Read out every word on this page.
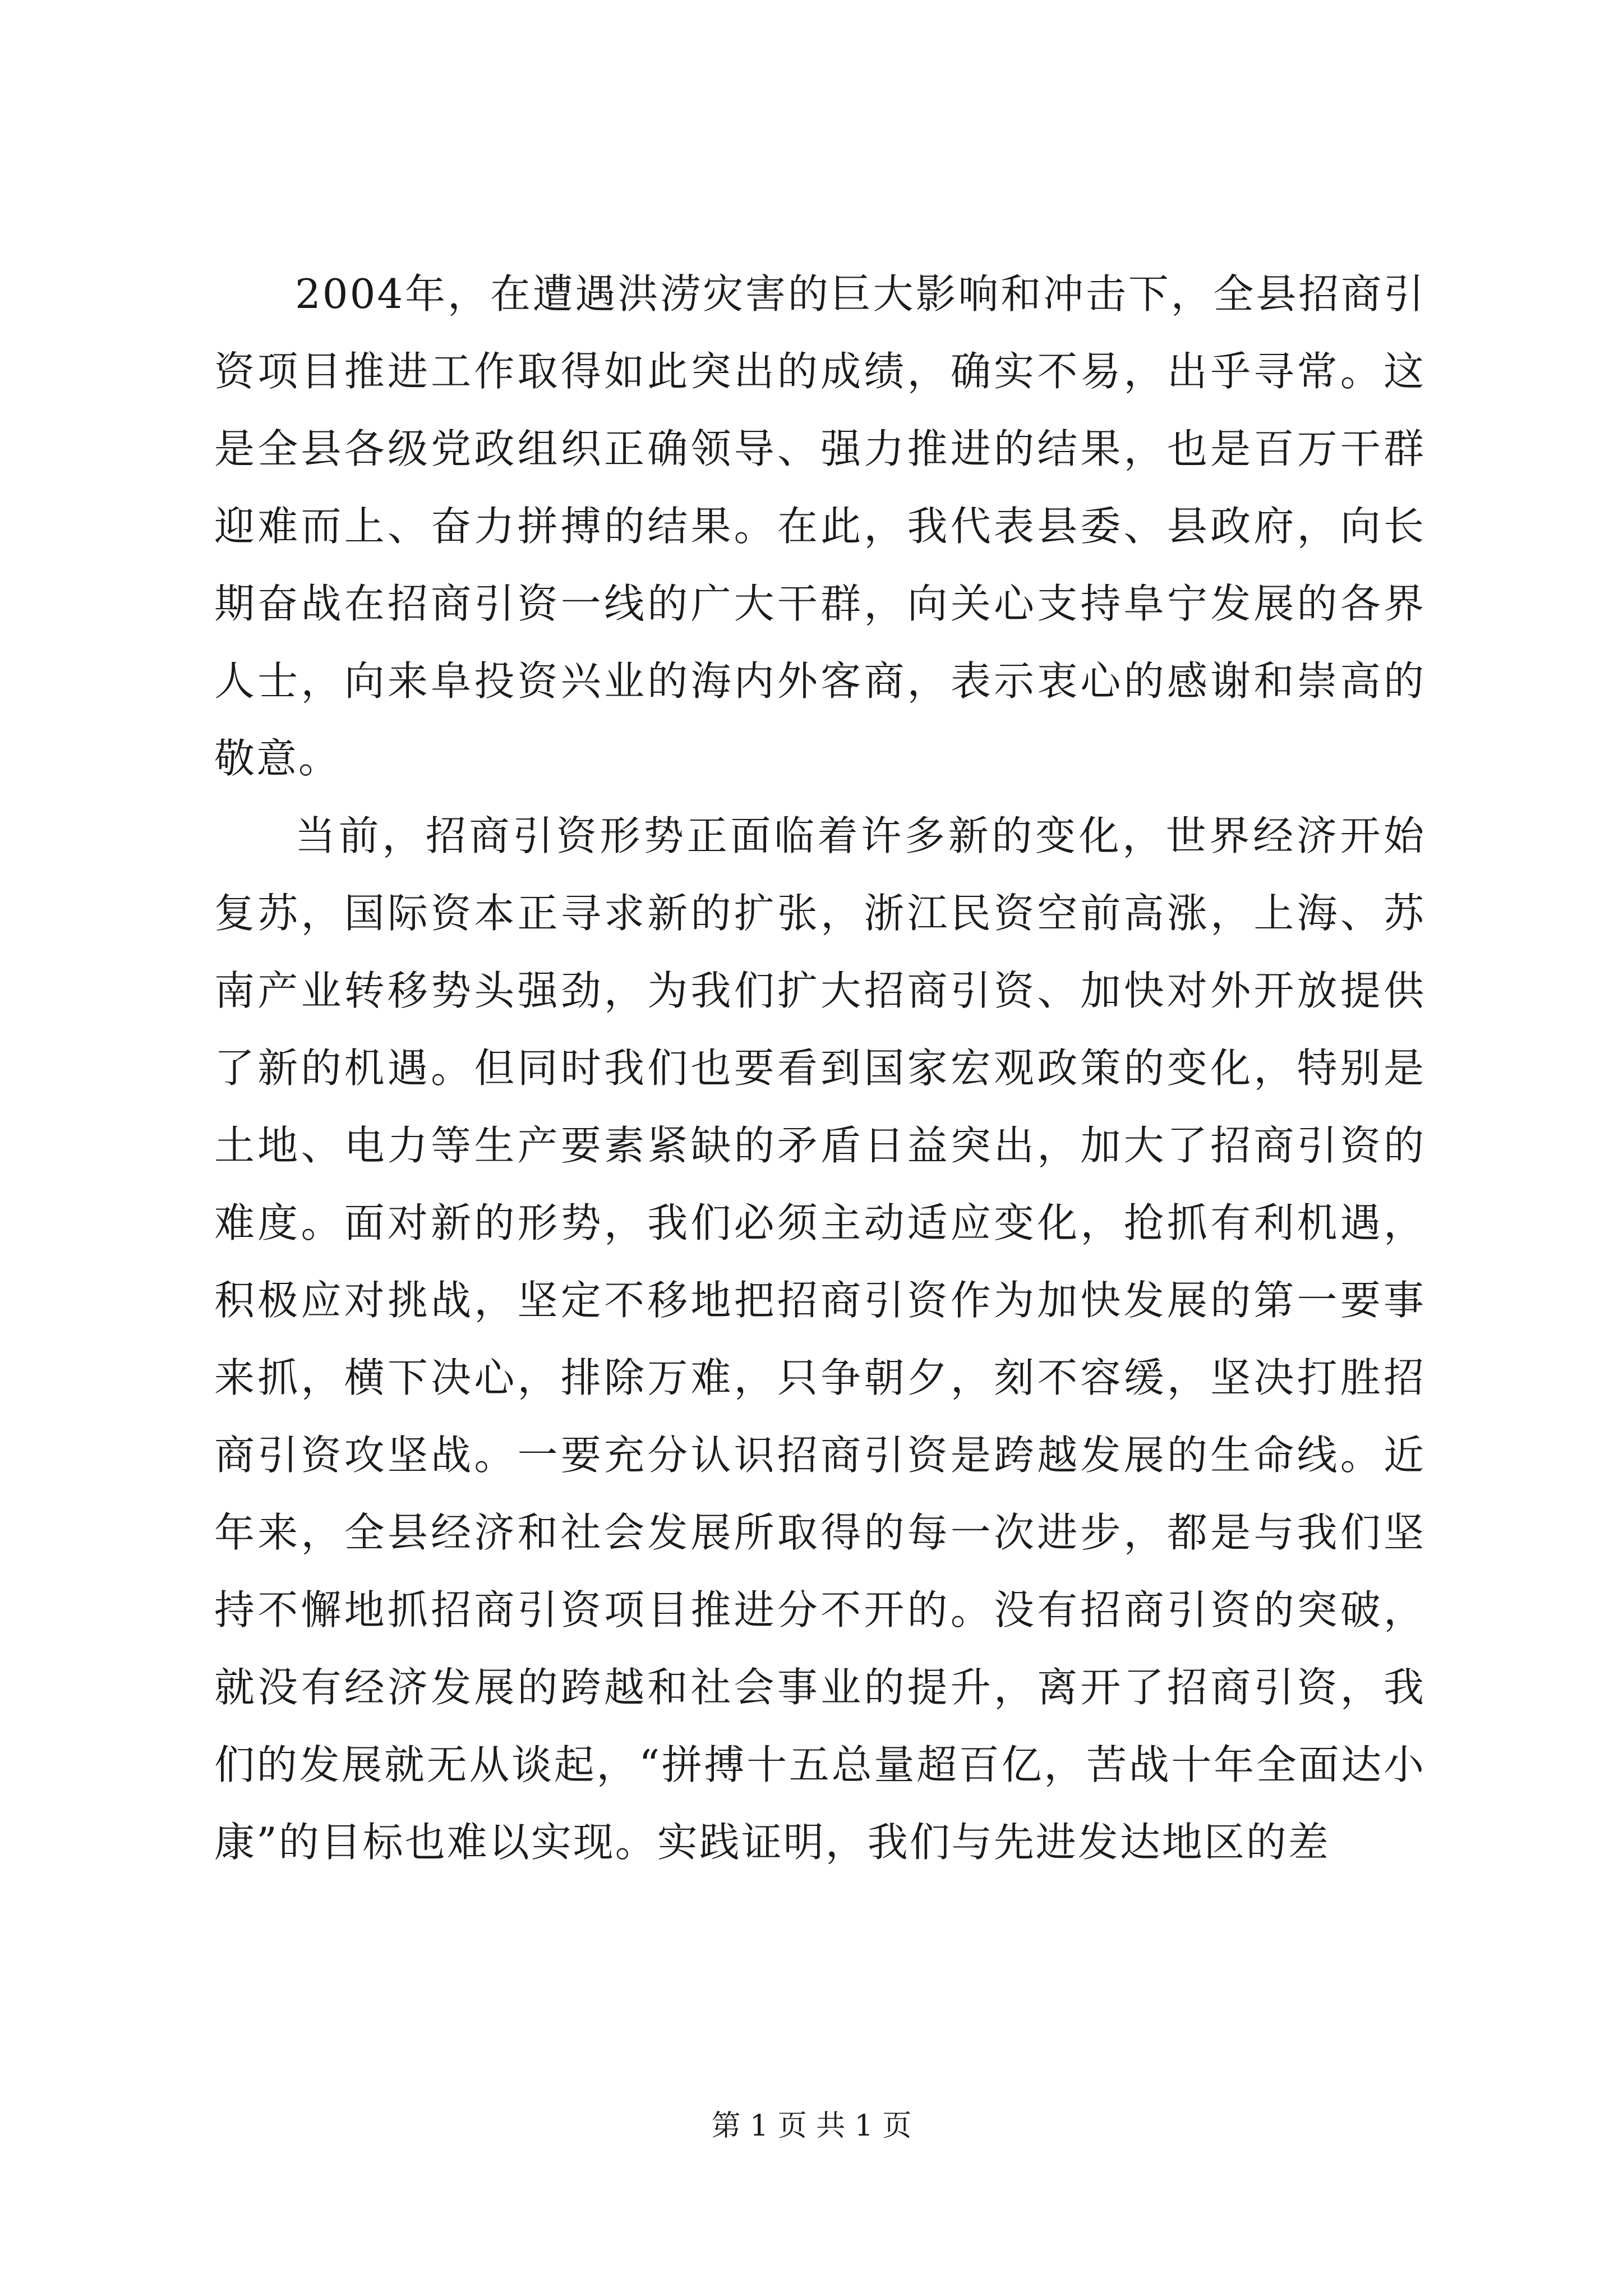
2004年，在遭遇洪涝灾害的巨大影响和冲击下，全县招商引资项目推进工作取得如此突出的成绩，确实不易，出乎寻常。这是全县各级党政组织正确领导、强力推进的结果，也是百万干群迎难而上、奋力拼搏的结果。在此，我代表县委、县政府，向长期奋战在招商引资一线的广大干群，向关心支持阜宁发展的各界人士，向来阜投资兴业的海内外客商，表示衷心的感谢和崇高的敬意。

当前，招商引资形势正面临着许多新的变化，世界经济开始复苏，国际资本正寻求新的扩张，浙江民资空前高涨，上海、苏南产业转移势头强劲，为我们扩大招商引资、加快对外开放提供了新的机遇。但同时我们也要看到国家宏观政策的变化，特别是土地、电力等生产要素紧缺的矛盾日益突出，加大了招商引资的难度。面对新的形势，我们必须主动适应变化，抢抓有利机遇，积极应对挑战，坚定不移地把招商引资作为加快发展的第一要事来抓，横下决心，排除万难，只争朝夕，刻不容缓，坚决打胜招商引资攻坚战。一要充分认识招商引资是跨越发展的生命线。近年来，全县经济和社会发展所取得的每一次进步，都是与我们坚持不懈地抓招商引资项目推进分不开的。没有招商引资的突破，就没有经济发展的跨越和社会事业的提升，离开了招商引资，我们的发展就无从谈起，“拼搏十五总量超百亿，苦战十年全面达小康”的目标也难以实现。实践证明，我们与先进发达地区的差

第 1 页 共 1 页
